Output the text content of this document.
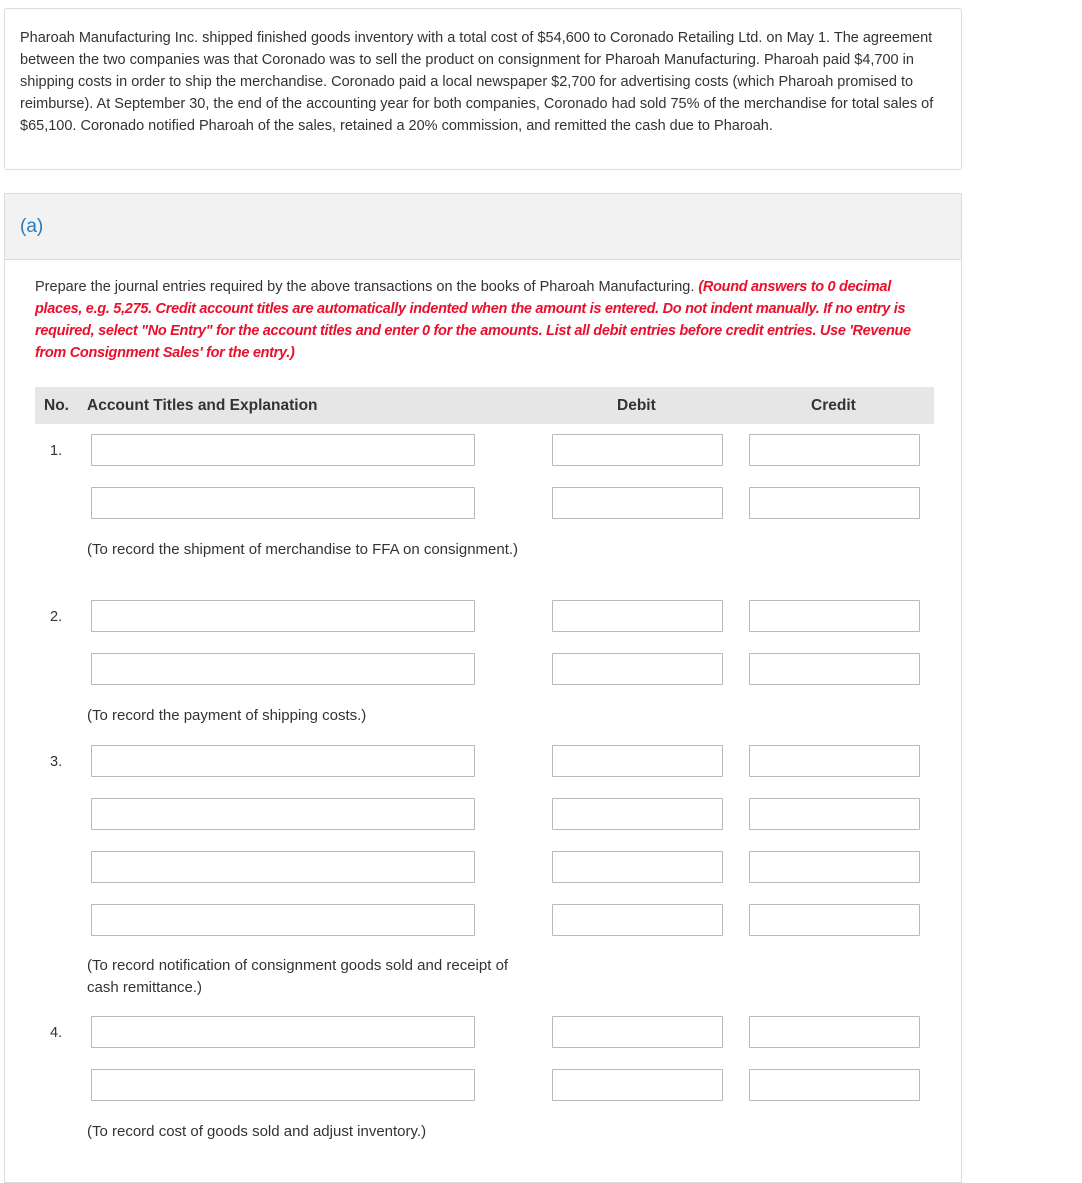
Pharoah Manufacturing Inc. shipped finished goods inventory with a total cost of $54,600 to Coronado Retailing Ltd. on May 1. The agreement between the two companies was that Coronado was to sell the product on consignment for Pharoah Manufacturing. Pharoah paid $4,700 in shipping costs in order to ship the merchandise. Coronado paid a local newspaper $2,700 for advertising costs (which Pharoah promised to reimburse). At September 30, the end of the accounting year for both companies, Coronado had sold 75% of the merchandise for total sales of $65,100. Coronado notified Pharoah of the sales, retained a 20% commission, and remitted the cash due to Pharoah.

(a)

Prepare the journal entries required by the above transactions on the books of Pharoah Manufacturing. (Round answers to 0 decimal places, e.g. 5,275. Credit account titles are automatically indented when the amount is entered. Do not indent manually. If no entry is required, select "No Entry" for the account titles and enter 0 for the amounts. List all debit entries before credit entries. Use 'Revenue from Consignment Sales' for the entry.)

No. Account Titles and Explanation	Debit	Credit
1.

(To record the shipment of merchandise to FFA on consignment.)

2.

(To record the payment of shipping costs.)

3.

(To record notification of consignment goods sold and receipt of cash remittance.)

4.

(To record cost of goods sold and adjust inventory.)
